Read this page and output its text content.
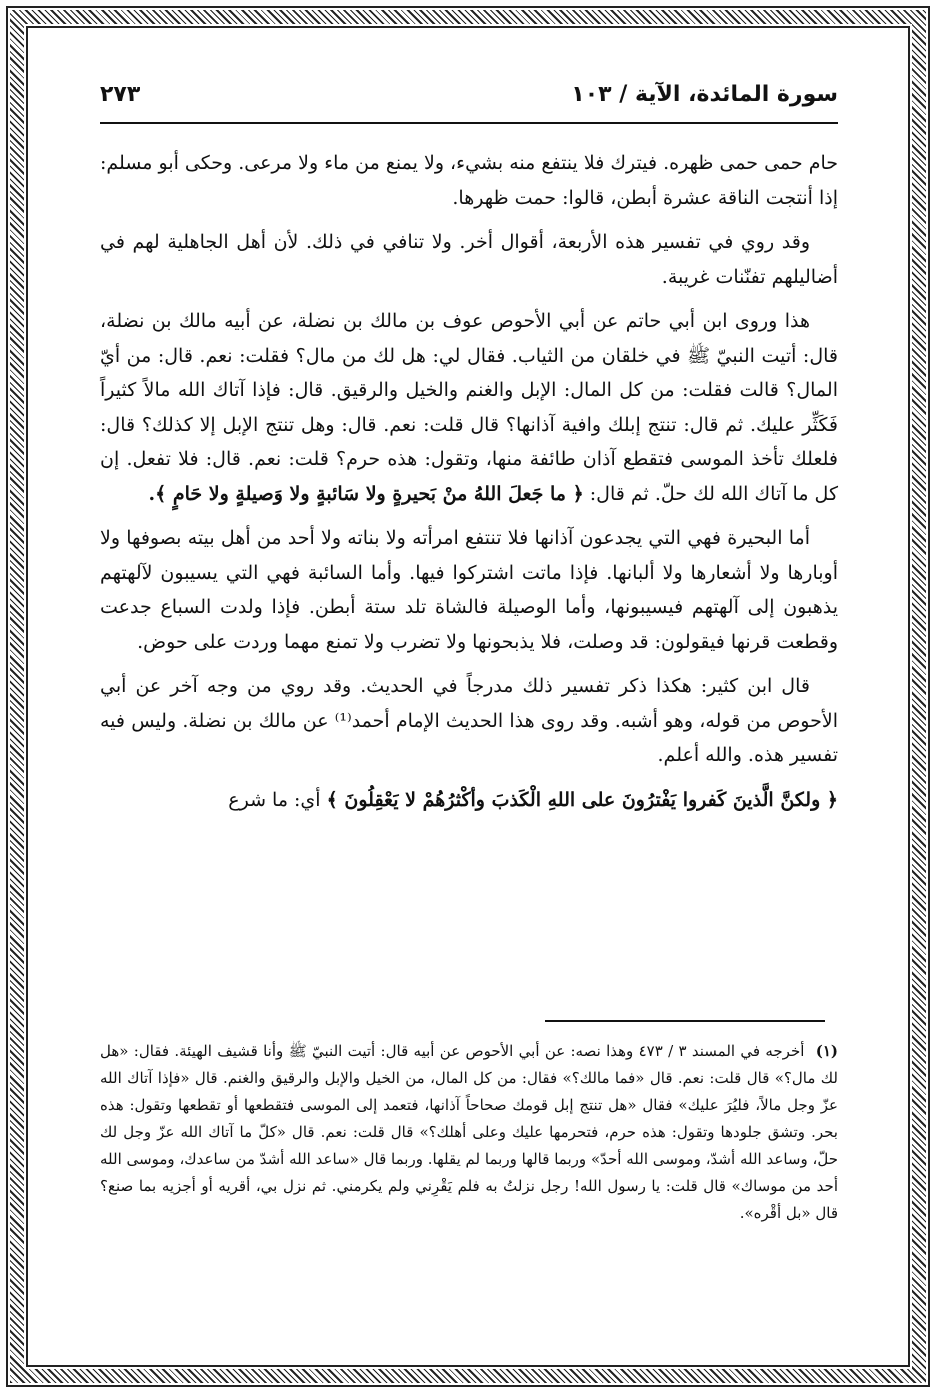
سورة المائدة، الآية / ١٠٣
٢٧٣

حام حمى حمى ظهره. فيترك فلا ينتفع منه بشيء، ولا يمنع من ماء ولا مرعى. وحكى أبو مسلم: إذا أنتجت الناقة عشرة أبطن، قالوا: حمت ظهرها.

وقد روي في تفسير هذه الأربعة، أقوال أخر. ولا تنافي في ذلك. لأن أهل الجاهلية لهم في أضاليلهم تفنّنات غريبة.

هذا وروى ابن أبي حاتم عن أبي الأحوص عوف بن مالك بن نضلة، عن أبيه مالك بن نضلة، قال: أتيت النبيّ ﷺ في خلقان من الثياب. فقال لي: هل لك من مال؟ فقلت: نعم. قال: من أيّ المال؟ قالت فقلت: من كل المال: الإبل والغنم والخيل والرقيق. قال: فإذا آتاك الله مالاً كثيراً فَكَثِّر عليك. ثم قال: تنتج إبلك وافية آذانها؟ قال قلت: نعم. قال: وهل تنتج الإبل إلا كذلك؟ قال: فلعلك تأخذ الموسى فتقطع آذان طائفة منها، وتقول: هذه حرم؟ قلت: نعم. قال: فلا تفعل. إن كل ما آتاك الله لك حلّ. ثم قال: ﴿ ما جَعلَ اللهُ منْ بَحيرةٍ ولا سَائبةٍ ولا وَصيلةٍ ولا حَامٍ ﴾.

أما البحيرة فهي التي يجدعون آذانها فلا تنتفع امرأته ولا بناته ولا أحد من أهل بيته بصوفها ولا أوبارها ولا أشعارها ولا ألبانها. فإذا ماتت اشتركوا فيها. وأما السائبة فهي التي يسيبون لآلهتهم يذهبون إلى آلهتهم فيسيبونها، وأما الوصيلة فالشاة تلد ستة أبطن. فإذا ولدت السباع جدعت وقطعت قرنها فيقولون: قد وصلت، فلا يذبحونها ولا تضرب ولا تمنع مهما وردت على حوض.

قال ابن كثير: هكذا ذكر تفسير ذلك مدرجاً في الحديث. وقد روي من وجه آخر عن أبي الأحوص من قوله، وهو أشبه. وقد روى هذا الحديث الإمام أحمد⁽¹⁾ عن مالك بن نضلة. وليس فيه تفسير هذه. والله أعلم.

﴿ ولكنَّ الَّذينَ كَفروا يَفْترُونَ على اللهِ الْكَذبَ وأكْثرُهُمْ لا يَعْقِلُونَ ﴾ أي: ما شرع

(١) أخرجه في المسند ٣ / ٤٧٣ وهذا نصه: عن أبي الأحوص عن أبيه قال: أتيت النبيّ ﷺ وأنا قشيف الهيئة. فقال: «هل لك مال؟» قال قلت: نعم. قال «فما مالك؟» فقال: من كل المال، من الخيل والإبل والرقيق والغنم. قال «فإذا آتاك الله عزّ وجل مالاً، فليُرَ عليك» فقال «هل تنتج إبل قومك صحاحاً آذانها، فتعمد إلى الموسى فتقطعها أو تقطعها وتقول: هذه بحر. وتشق جلودها وتقول: هذه حرم، فتحرمها عليك وعلى أهلك؟» قال قلت: نعم. قال «كلّ ما آتاك الله عزّ وجل لك حلّ، وساعد الله أشدّ، وموسى الله أحدّ» وربما قالها وربما لم يقلها. وربما قال «ساعد الله أشدّ من ساعدك، وموسى الله أحد من موساك» قال قلت: يا رسول الله! رجل نزلتُ به فلم يَقْرِني ولم يكرمني. ثم نزل بي، أقريه أو أجزيه بما صنع؟ قال «بل أقْره».
